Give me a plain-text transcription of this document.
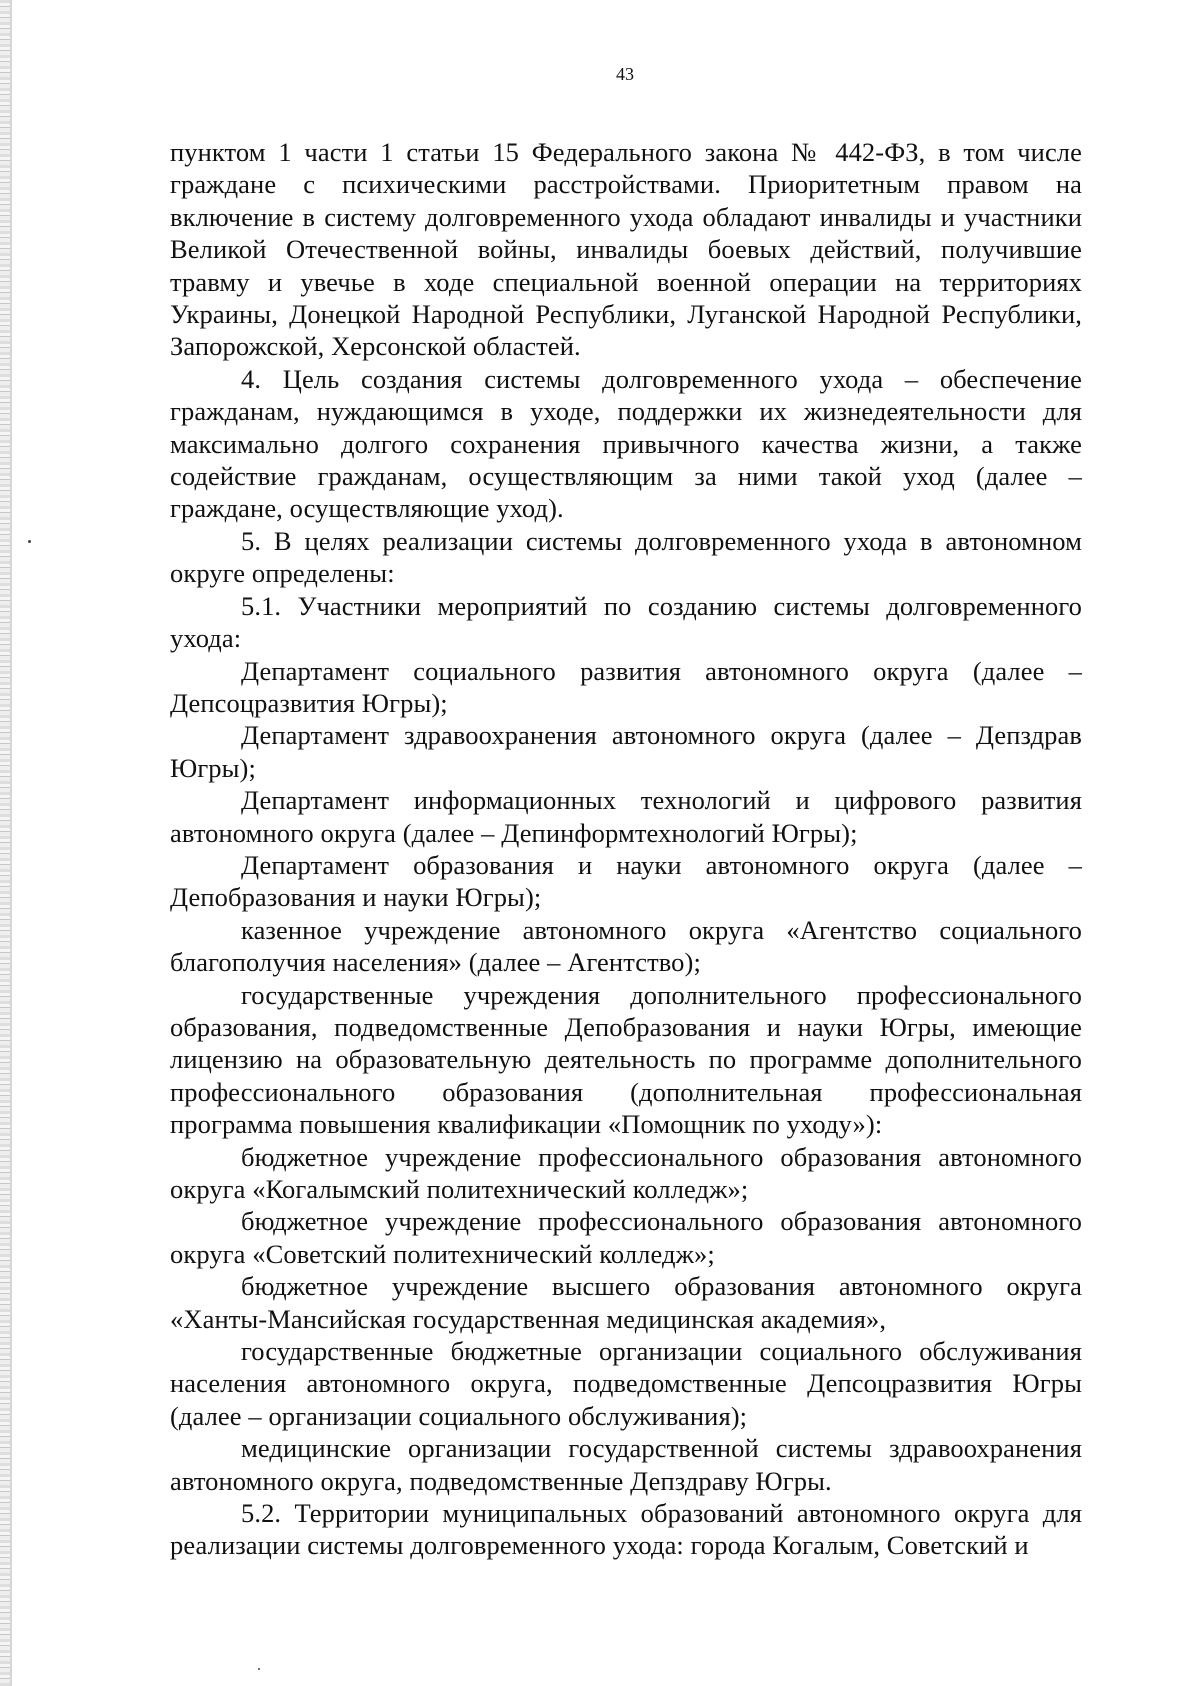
43

пунктом 1 части 1 статьи 15 Федерального закона № 442-ФЗ, в том числе граждане с психическими расстройствами. Приоритетным правом на включение в систему долговременного ухода обладают инвалиды и участники Великой Отечественной войны, инвалиды боевых действий, получившие травму и увечье в ходе специальной военной операции на территориях Украины, Донецкой Народной Республики, Луганской Народной Республики, Запорожской, Херсонской областей.

4. Цель создания системы долговременного ухода – обеспечение гражданам, нуждающимся в уходе, поддержки их жизнедеятельности для максимально долгого сохранения привычного качества жизни, а также содействие гражданам, осуществляющим за ними такой уход (далее – граждане, осуществляющие уход).

5. В целях реализации системы долговременного ухода в автономном округе определены:

5.1. Участники мероприятий по созданию системы долговременного ухода:

Департамент социального развития автономного округа (далее – Депсоцразвития Югры);

Департамент здравоохранения автономного округа (далее – Депздрав Югры);

Департамент информационных технологий и цифрового развития автономного округа (далее – Депинформтехнологий Югры);

Департамент образования и науки автономного округа (далее – Депобразования и науки Югры);

казенное учреждение автономного округа «Агентство социального благополучия населения» (далее – Агентство);

государственные учреждения дополнительного профессионального образования, подведомственные Депобразования и науки Югры, имеющие лицензию на образовательную деятельность по программе дополнительного профессионального образования (дополнительная профессиональная программа повышения квалификации «Помощник по уходу»):

бюджетное учреждение профессионального образования автономного округа «Когалымский политехнический колледж»;

бюджетное учреждение профессионального образования автономного округа «Советский политехнический колледж»;

бюджетное учреждение высшего образования автономного округа «Ханты-Мансийская государственная медицинская академия»,

государственные бюджетные организации социального обслуживания населения автономного округа, подведомственные Депсоцразвития Югры (далее – организации социального обслуживания);

медицинские организации государственной системы здравоохранения автономного округа, подведомственные Депздраву Югры.

5.2. Территории муниципальных образований автономного округа для реализации системы долговременного ухода: города Когалым, Советский и
